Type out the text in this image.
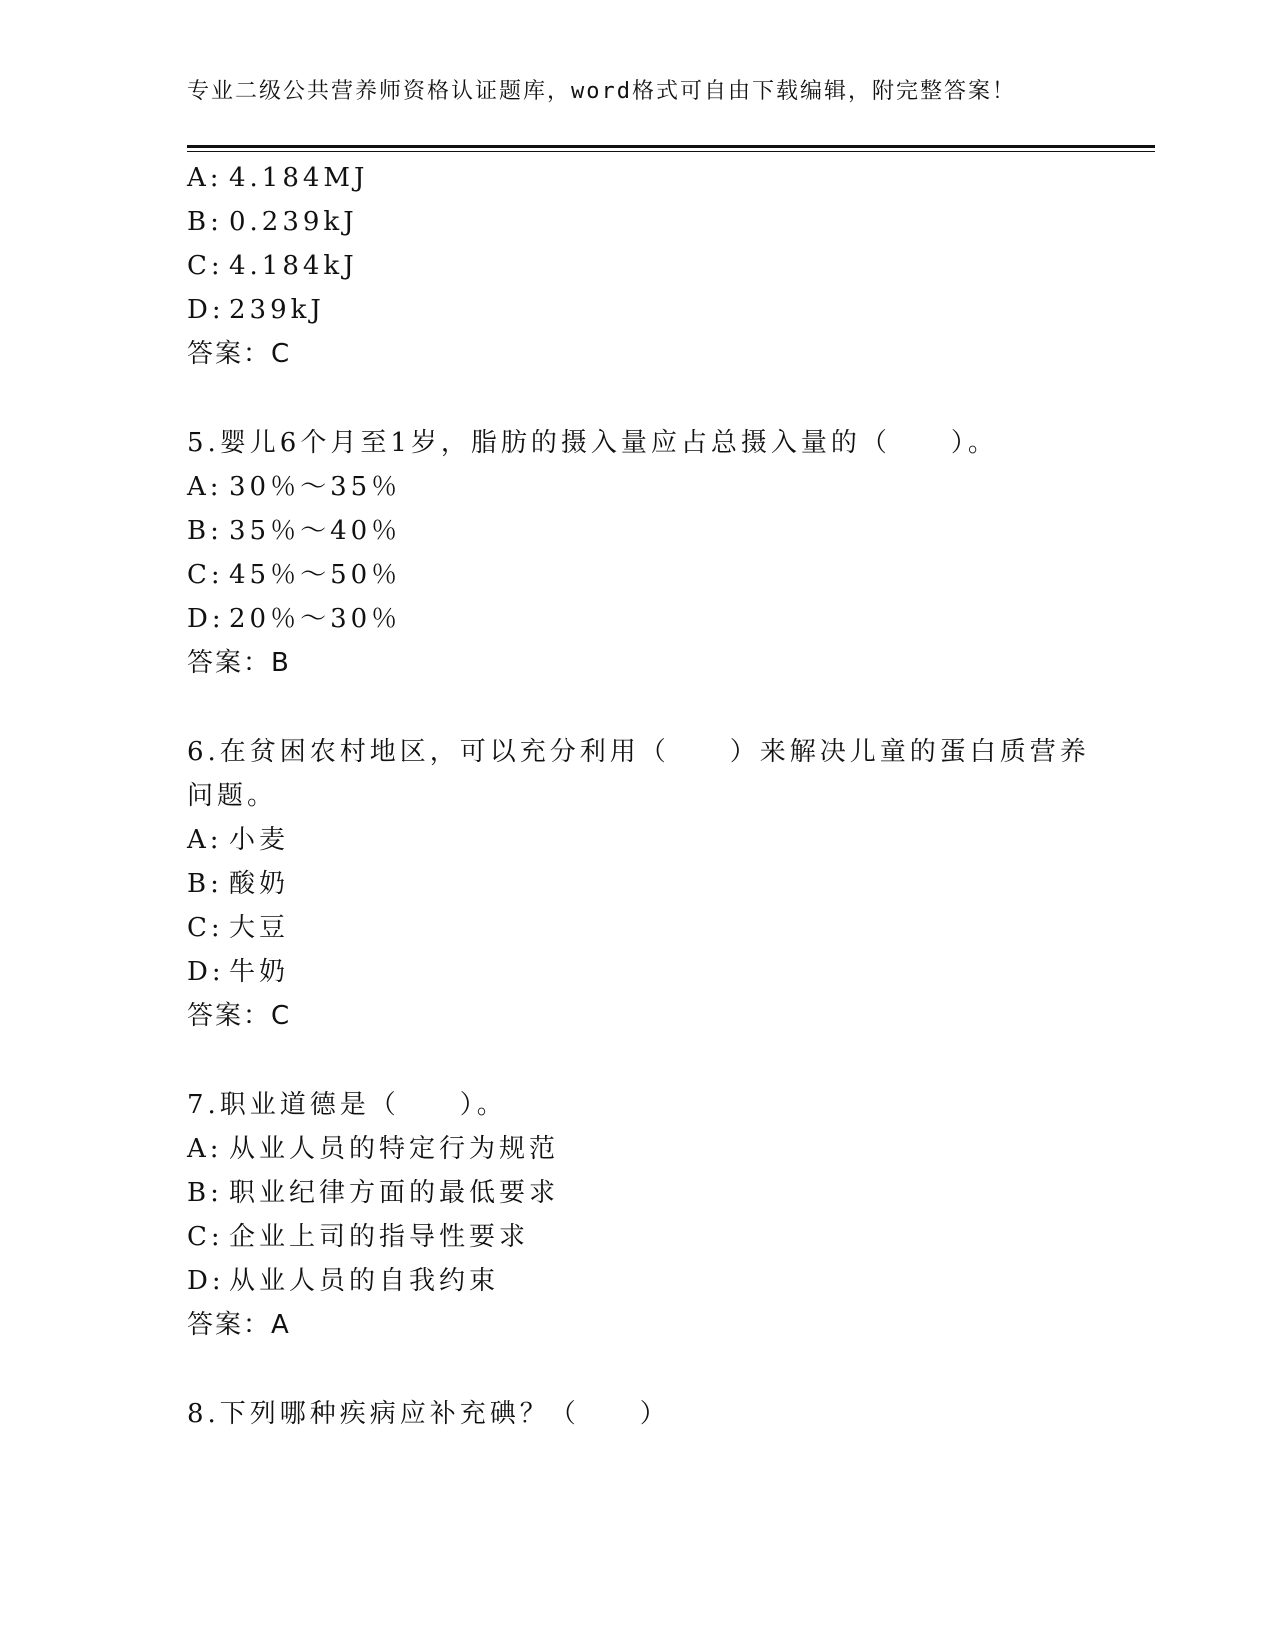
专业二级公共营养师资格认证题库，word格式可自由下载编辑，附完整答案！
A: 4.184MJ
B: 0.239kJ
C: 4.184kJ
D: 239kJ
答案：C
5.婴儿6个月至1岁，脂肪的摄入量应占总摄入量的（　　）。
A: 30％～35％
B: 35％～40％
C: 45％～50％
D: 20％～30％
答案：B
6.在贫困农村地区，可以充分利用（　　）来解决儿童的蛋白质营养
问题。
A: 小麦
B: 酸奶
C: 大豆
D: 牛奶
答案：C
7.职业道德是（　　）。
A: 从业人员的特定行为规范
B: 职业纪律方面的最低要求
C: 企业上司的指导性要求
D: 从业人员的自我约束
答案：A
8.下列哪种疾病应补充碘？（　　）
